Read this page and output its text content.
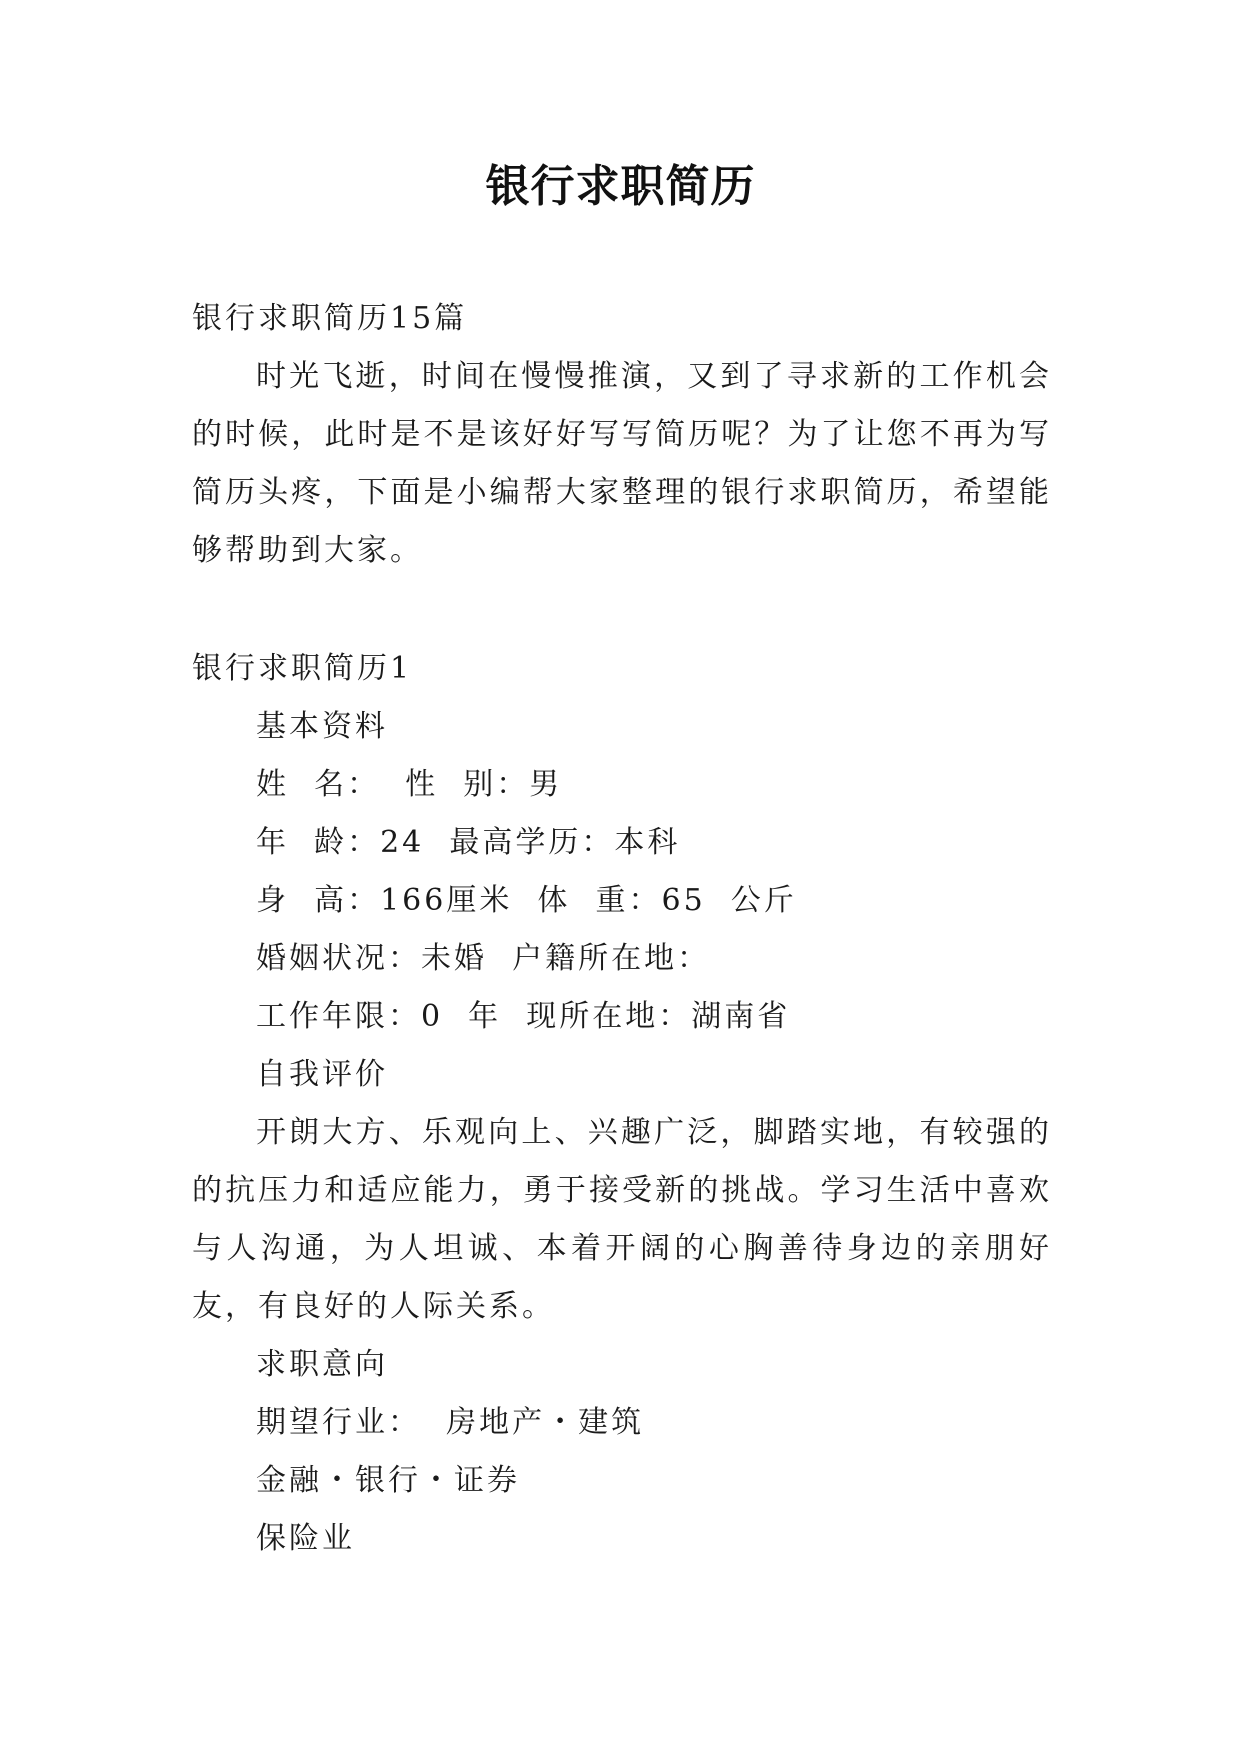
银行求职简历
银行求职简历15篇

时光飞逝，时间在慢慢推演，又到了寻求新的工作机会的时候，此时是不是该好好写写简历呢？为了让您不再为写简历头疼，下面是小编帮大家整理的银行求职简历，希望能够帮助到大家。

银行求职简历1
基本资料
姓  名：  性  别：男
年  龄：24  最高学历：本科
身  高：166厘米  体  重：65  公斤
婚姻状况：未婚  户籍所在地：
工作年限：0  年  现所在地：湖南省
自我评价

开朗大方、乐观向上、兴趣广泛，脚踏实地，有较强的的抗压力和适应能力，勇于接受新的挑战。学习生活中喜欢与人沟通，为人坦诚、本着开阔的心胸善待身边的亲朋好友，有良好的人际关系。

求职意向
期望行业：  房地产・建筑
金融・银行・证券
保险业
